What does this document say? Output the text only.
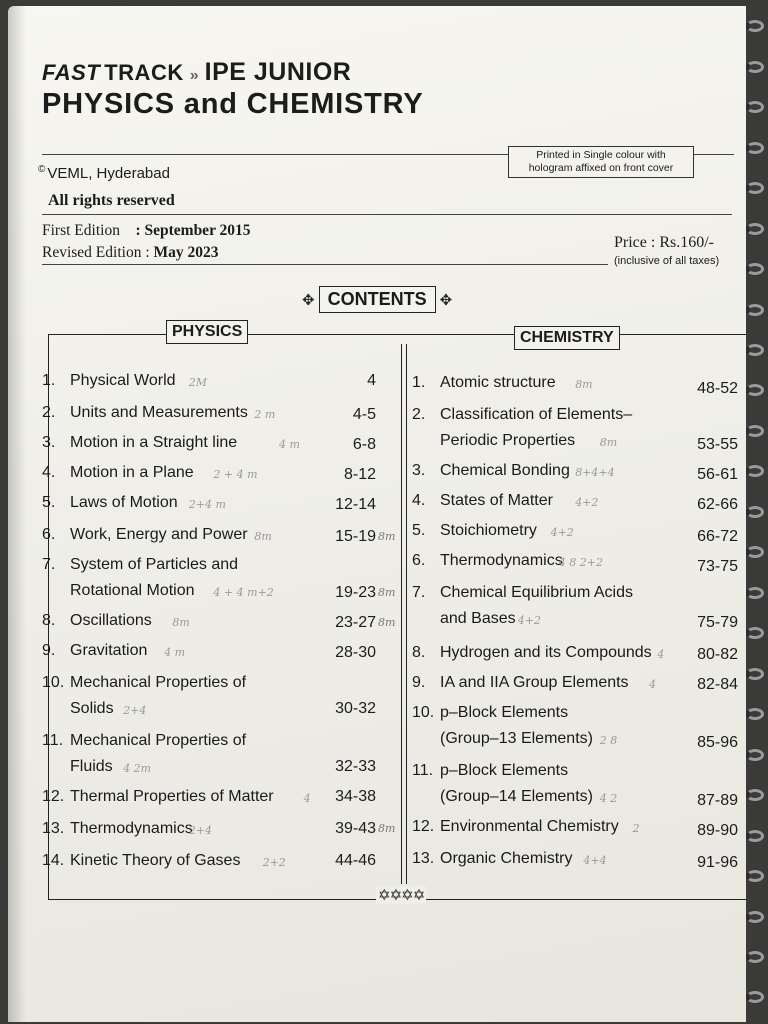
FAST TRACK » IPE JUNIOR
PHYSICS and CHEMISTRY
Printed in Single colour with
hologram affixed on front cover
© VEML, Hyderabad
All rights reserved
First Edition : September 2015
Revised Edition : May 2023
Price : Rs.160/-
(inclusive of all taxes)
✥ CONTENTS ✥
PHYSICS	CHEMISTRY
1. Physical World	4
2M
2. Units and Measurements	4-5
2 m
3. Motion in a Straight line	6-8
4 m
4. Motion in a Plane	8-12
2 + 4 m
5. Laws of Motion	12-14
2+4 m
6. Work, Energy and Power	15-19
8m	8m
7. System of Particles and
Rotational Motion	19-23
4 + 4 m+2	8m
8. Oscillations	23-27
8m	8m
9. Gravitation	28-30
4 m
10. Mechanical Properties of
Solids	30-32
2+4
11. Mechanical Properties of
Fluids	32-33
4 2m
12. Thermal Properties of Matter	34-38
4
13. Thermodynamics	39-43
2+4	8m
14. Kinetic Theory of Gases	44-46
2+2
1. Atomic structure	48-52
8m
2. Classification of Elements–
Periodic Properties	53-55
8m
3. Chemical Bonding	56-61
8+4+4
4. States of Matter	62-66
4+2
5. Stoichiometry	66-72
4+2
6. Thermodynamics	73-75
4 8 2+2
7. Chemical Equilibrium Acids
and Bases	75-79
4+2
8. Hydrogen and its Compounds	80-82
4
9. IA and IIA Group Elements	82-84
4
10. p–Block Elements
(Group–13 Elements)	85-96
2 8
11. p–Block Elements
(Group–14 Elements)	87-89
4 2
12. Environmental Chemistry	89-90
2
13. Organic Chemistry	91-96
4+4
✡✡✡✡
